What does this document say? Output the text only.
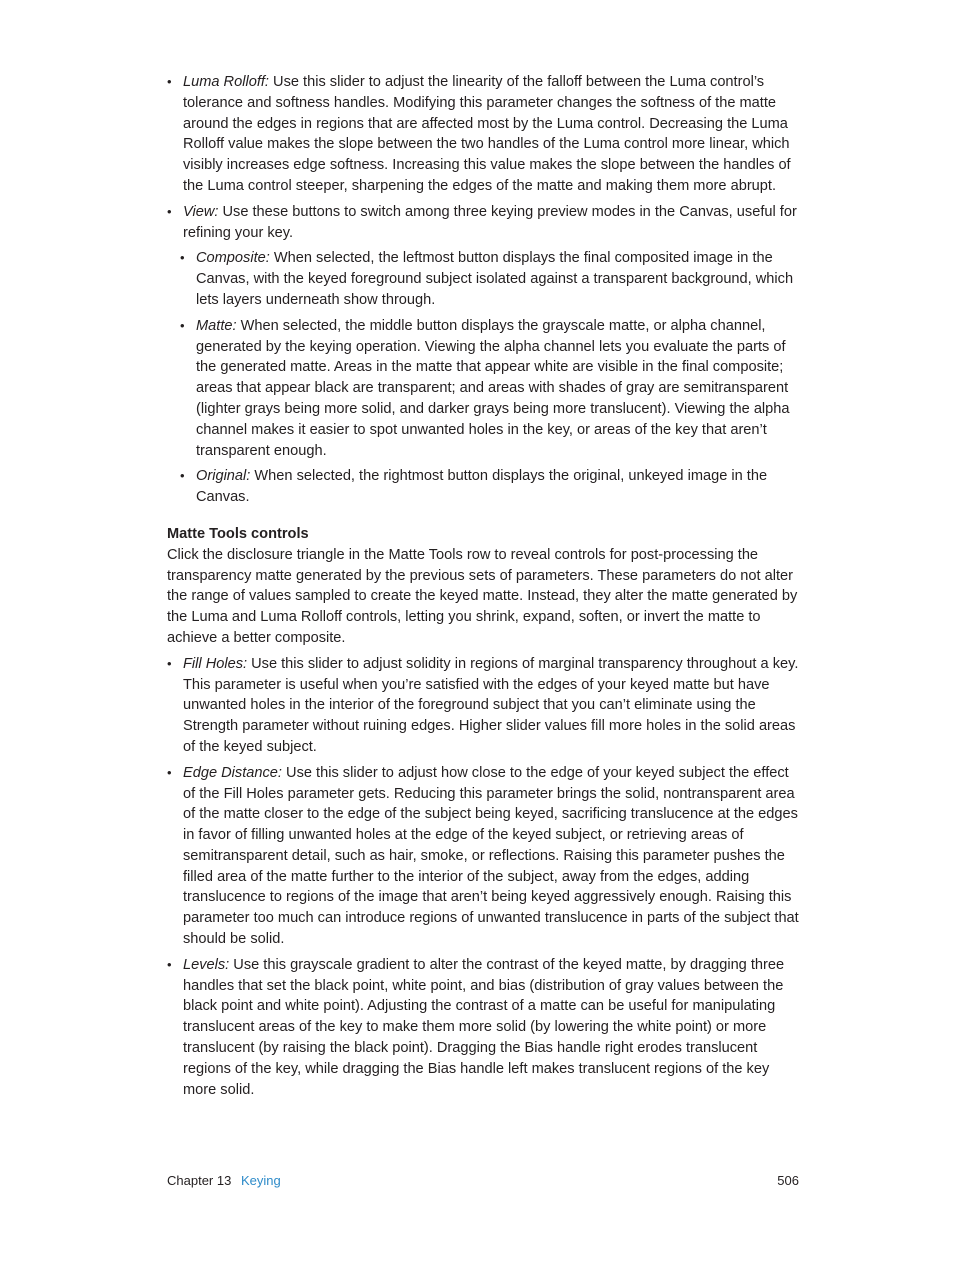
• Luma Rolloff: Use this slider to adjust the linearity of the falloff between the Luma control’s tolerance and softness handles. Modifying this parameter changes the softness of the matte around the edges in regions that are affected most by the Luma control. Decreasing the Luma Rolloff value makes the slope between the two handles of the Luma control more linear, which visibly increases edge softness. Increasing this value makes the slope between the handles of the Luma control steeper, sharpening the edges of the matte and making them more abrupt.
• View: Use these buttons to switch among three keying preview modes in the Canvas, useful for refining your key.
• Composite: When selected, the leftmost button displays the final composited image in the Canvas, with the keyed foreground subject isolated against a transparent background, which lets layers underneath show through.
• Matte: When selected, the middle button displays the grayscale matte, or alpha channel, generated by the keying operation. Viewing the alpha channel lets you evaluate the parts of the generated matte. Areas in the matte that appear white are visible in the final composite; areas that appear black are transparent; and areas with shades of gray are semitransparent (lighter grays being more solid, and darker grays being more translucent). Viewing the alpha channel makes it easier to spot unwanted holes in the key, or areas of the key that aren’t transparent enough.
• Original: When selected, the rightmost button displays the original, unkeyed image in the Canvas.
Matte Tools controls
Click the disclosure triangle in the Matte Tools row to reveal controls for post-processing the transparency matte generated by the previous sets of parameters. These parameters do not alter the range of values sampled to create the keyed matte. Instead, they alter the matte generated by the Luma and Luma Rolloff controls, letting you shrink, expand, soften, or invert the matte to achieve a better composite.
• Fill Holes: Use this slider to adjust solidity in regions of marginal transparency throughout a key. This parameter is useful when you’re satisfied with the edges of your keyed matte but have unwanted holes in the interior of the foreground subject that you can’t eliminate using the Strength parameter without ruining edges. Higher slider values fill more holes in the solid areas of the keyed subject.
• Edge Distance: Use this slider to adjust how close to the edge of your keyed subject the effect of the Fill Holes parameter gets. Reducing this parameter brings the solid, nontransparent area of the matte closer to the edge of the subject being keyed, sacrificing translucence at the edges in favor of filling unwanted holes at the edge of the keyed subject, or retrieving areas of semitransparent detail, such as hair, smoke, or reflections. Raising this parameter pushes the filled area of the matte further to the interior of the subject, away from the edges, adding translucence to regions of the image that aren’t being keyed aggressively enough. Raising this parameter too much can introduce regions of unwanted translucence in parts of the subject that should be solid.
• Levels: Use this grayscale gradient to alter the contrast of the keyed matte, by dragging three handles that set the black point, white point, and bias (distribution of gray values between the black point and white point). Adjusting the contrast of a matte can be useful for manipulating translucent areas of the key to make them more solid (by lowering the white point) or more translucent (by raising the black point). Dragging the Bias handle right erodes translucent regions of the key, while dragging the Bias handle left makes translucent regions of the key more solid.
Chapter 13 Keying	506
